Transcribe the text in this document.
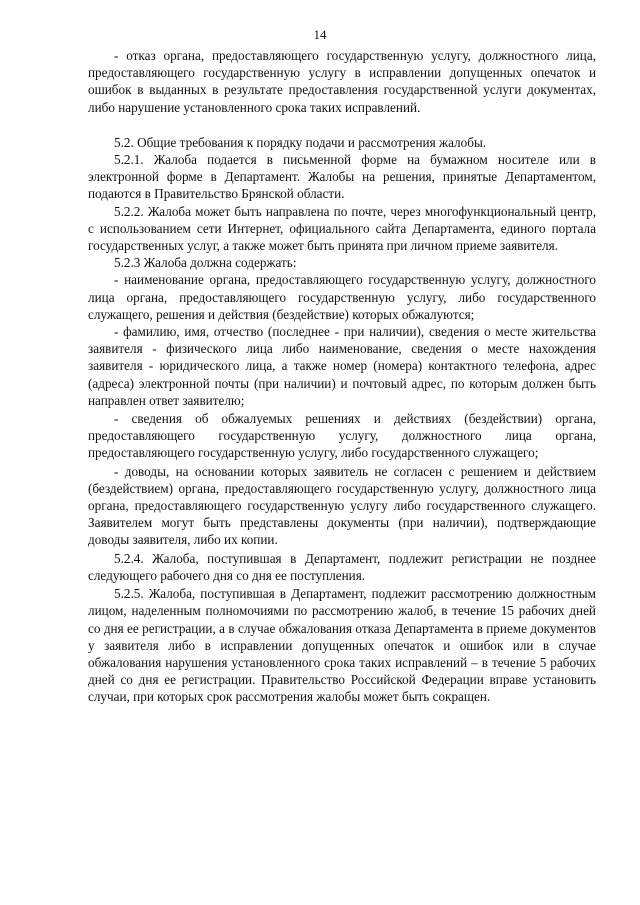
14

- отказ органа, предоставляющего государственную услугу, должностного лица, предоставляющего государственную услугу в исправлении допущенных опечаток и ошибок в выданных в результате предоставления государственной услуги документах, либо нарушение установленного срока таких исправлений.

5.2. Общие требования к порядку подачи и рассмотрения жалобы.

5.2.1. Жалоба подается в письменной форме на бумажном носителе или в электронной форме в Департамент. Жалобы на решения, принятые Департаментом, подаются в Правительство Брянской области.

5.2.2. Жалоба может быть направлена по почте, через многофункциональный центр, с использованием сети Интернет, официального сайта Департамента, единого портала государственных услуг, а также может быть принята при личном приеме заявителя.

5.2.3 Жалоба должна содержать:

- наименование органа, предоставляющего государственную услугу, должностного лица органа, предоставляющего государственную услугу, либо государственного служащего, решения и действия (бездействие) которых обжалуются;

- фамилию, имя, отчество (последнее - при наличии), сведения о месте жительства заявителя - физического лица либо наименование, сведения о месте нахождения заявителя - юридического лица, а также номер (номера) контактного телефона, адрес (адреса) электронной почты (при наличии) и почтовый адрес, по которым должен быть направлен ответ заявителю;

- сведения об обжалуемых решениях и действиях (бездействии) органа, предоставляющего государственную услугу, должностного лица органа, предоставляющего государственную услугу, либо государственного служащего;

- доводы, на основании которых заявитель не согласен с решением и действием (бездействием) органа, предоставляющего государственную услугу, должностного лица органа, предоставляющего государственную услугу либо государственного служащего. Заявителем могут быть представлены документы (при наличии), подтверждающие доводы заявителя, либо их копии.

5.2.4. Жалоба, поступившая в Департамент, подлежит регистрации не позднее следующего рабочего дня со дня ее поступления.

5.2.5. Жалоба, поступившая в Департамент, подлежит рассмотрению должностным лицом, наделенным полномочиями по рассмотрению жалоб, в течение 15 рабочих дней со дня ее регистрации, а в случае обжалования отказа Департамента в приеме документов у заявителя либо в исправлении допущенных опечаток и ошибок или в случае обжалования нарушения установленного срока таких исправлений – в течение 5 рабочих дней со дня ее регистрации. Правительство Российской Федерации вправе установить случаи, при которых срок рассмотрения жалобы может быть сокращен.
